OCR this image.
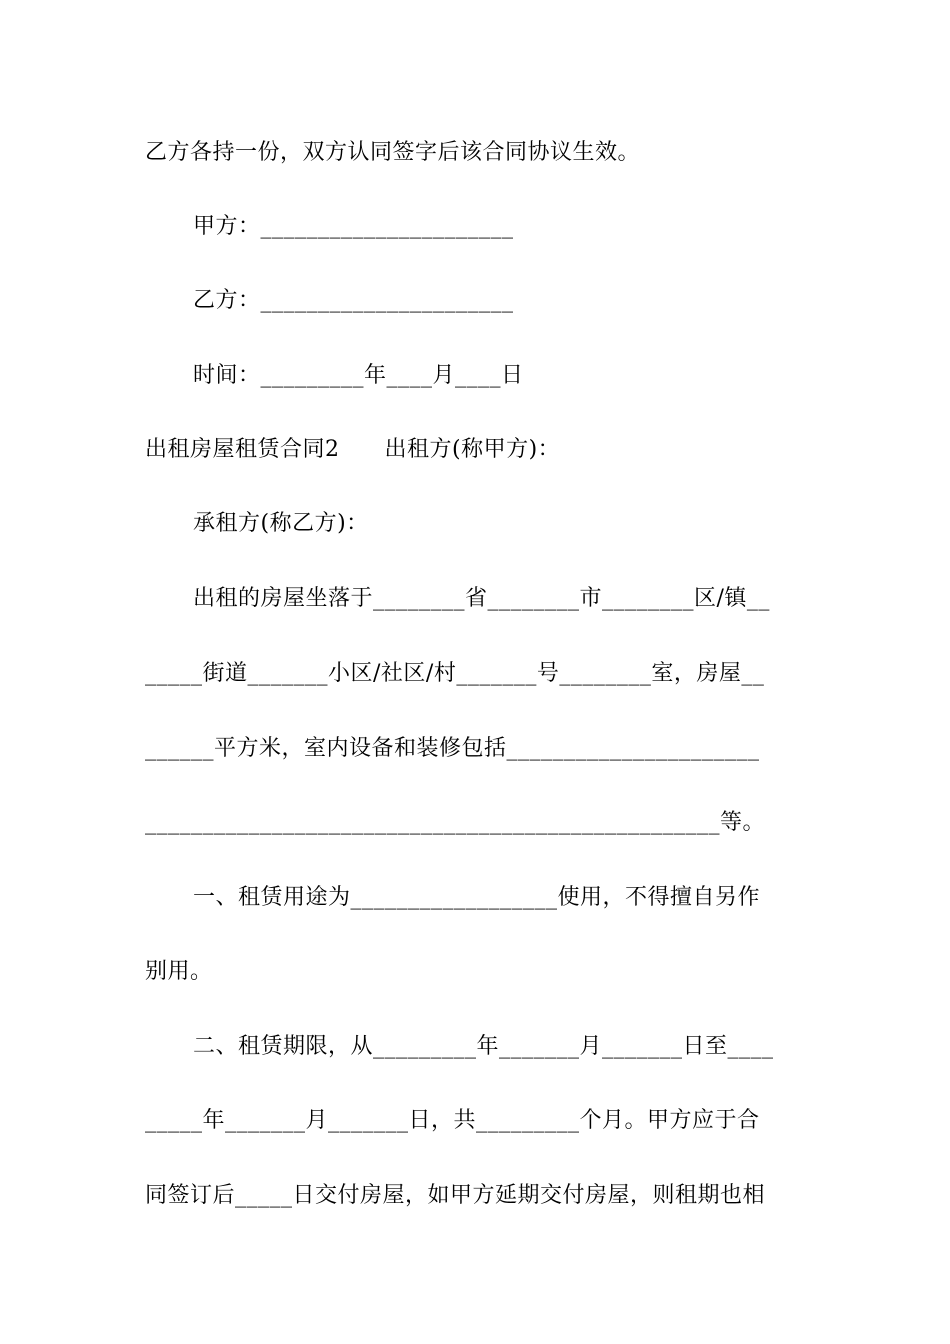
乙方各持一份，双方认同签字后该合同协议生效。
甲方：______________________
乙方：______________________
时间：_________年____月____日
出租房屋租赁合同2　　出租方(称甲方)：
承租方(称乙方)：
出租的房屋坐落于________省________市________区/镇__
_____街道_______小区/社区/村_______号________室，房屋__
______平方米，室内设备和装修包括______________________
__________________________________________________等。
一、租赁用途为__________________使用，不得擅自另作
别用。
二、租赁期限，从_________年_______月_______日至____
_____年_______月_______日，共_________个月。甲方应于合
同签订后_____日交付房屋，如甲方延期交付房屋，则租期也相
